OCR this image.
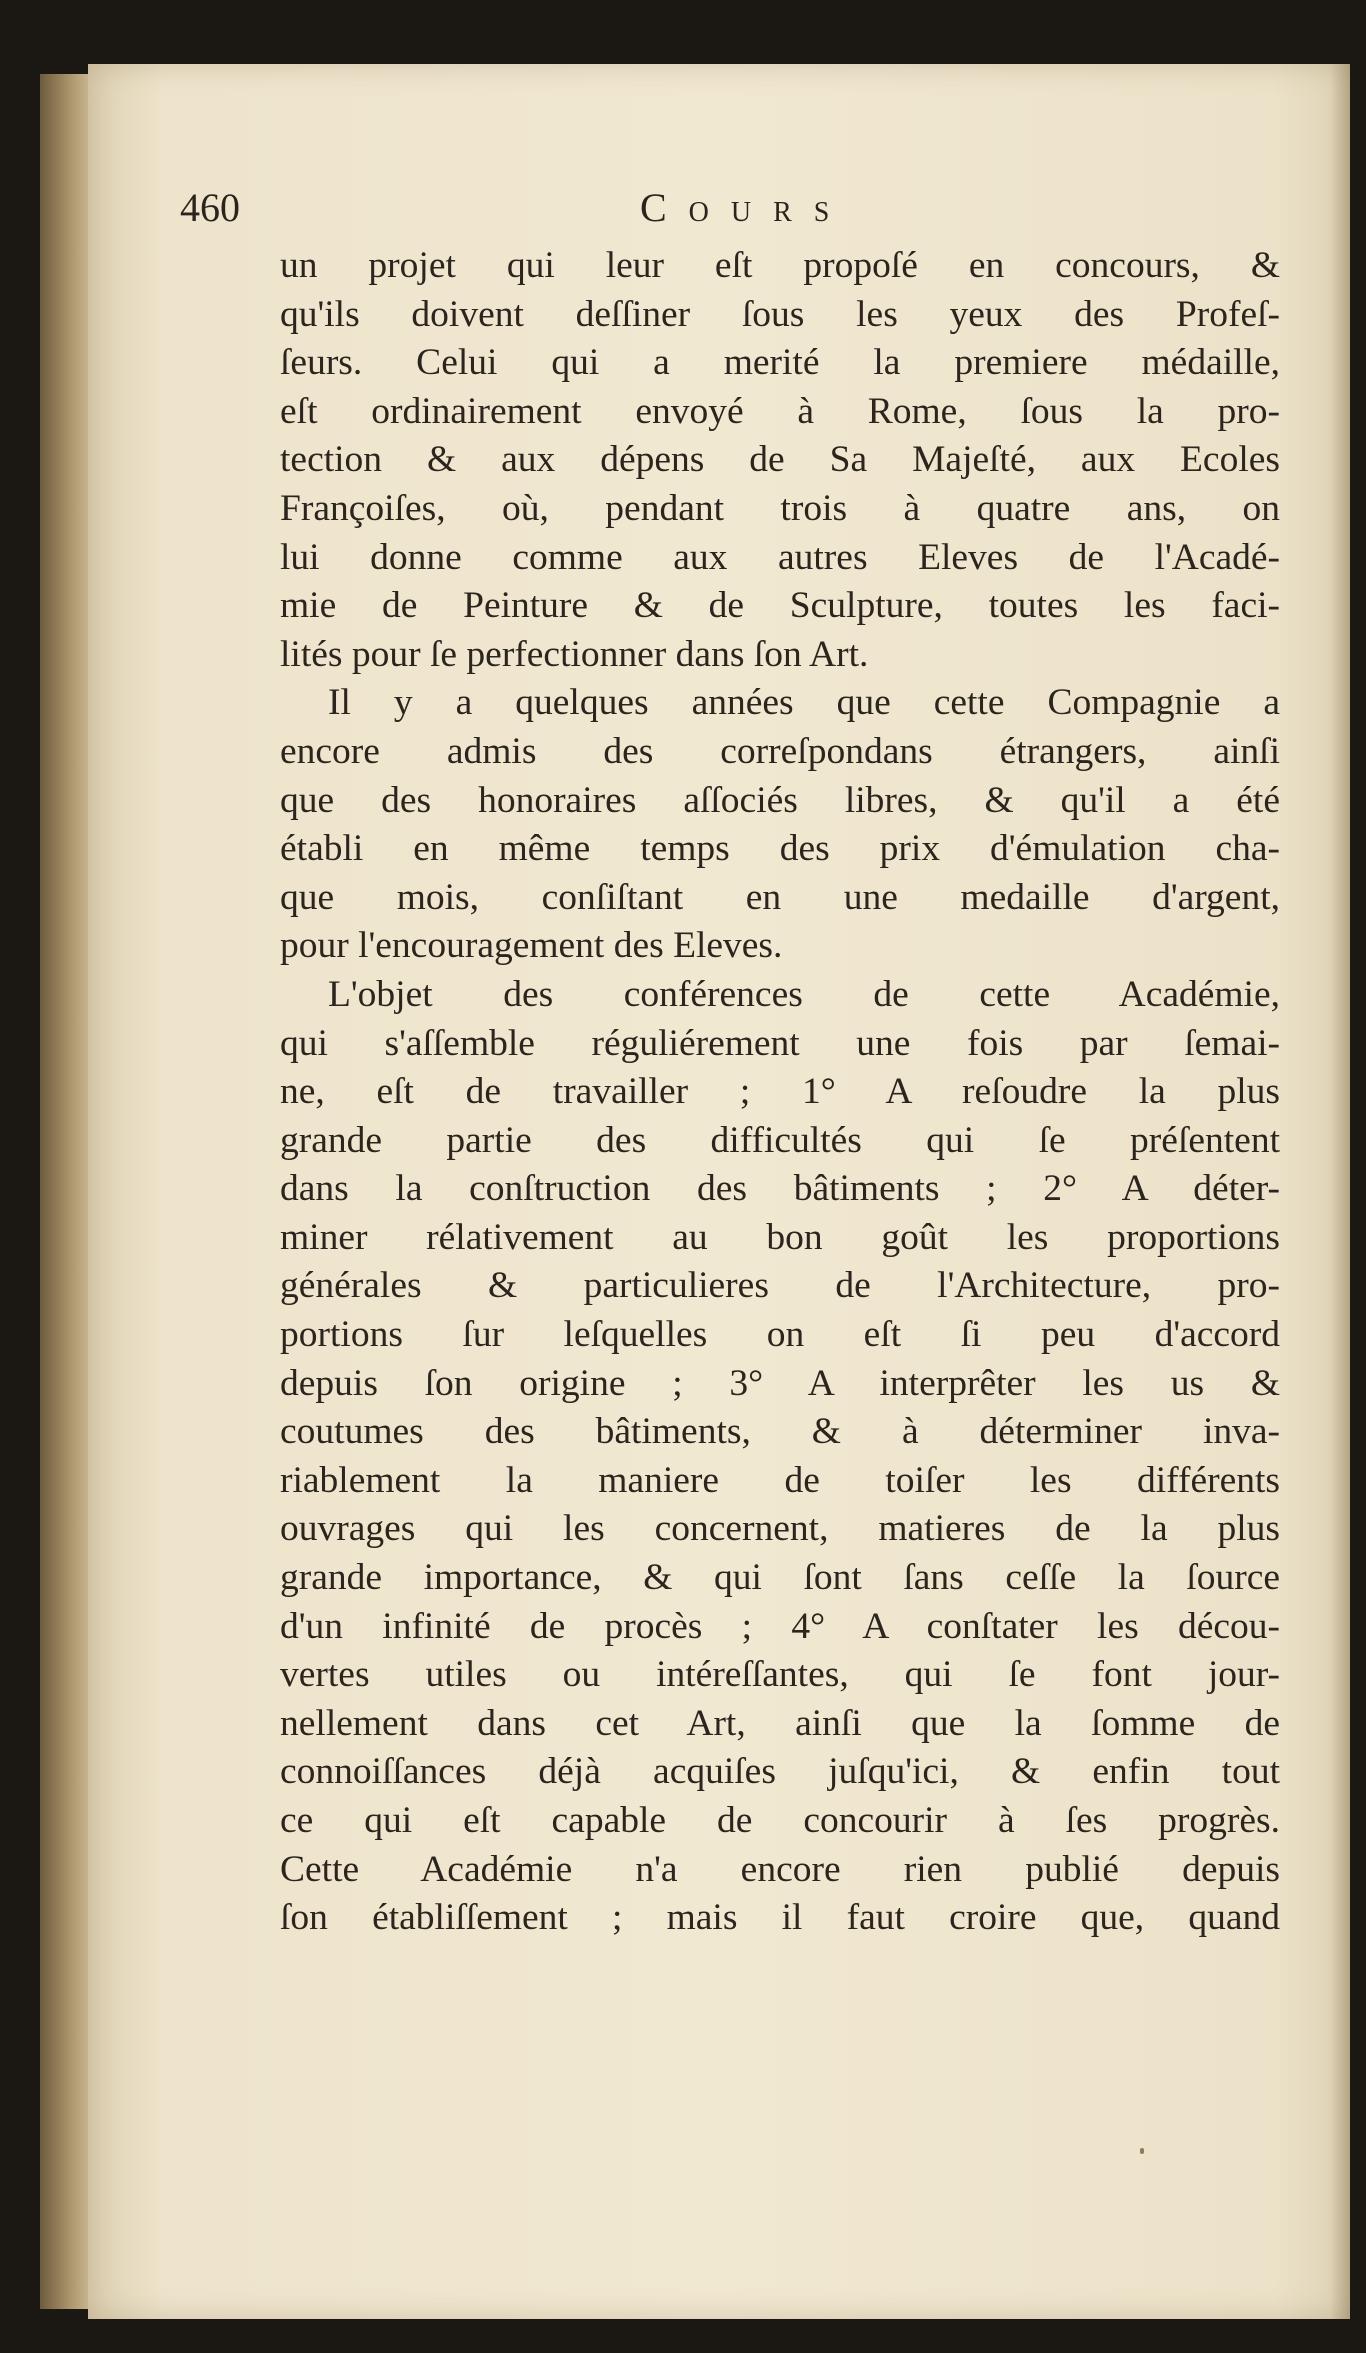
460	Cours
un projet qui leur eſt propoſé en concours, &
qu'ils doivent deſſiner ſous les yeux des Profeſ-
ſeurs. Celui qui a merité la premiere médaille,
eſt ordinairement envoyé à Rome, ſous la pro-
tection & aux dépens de Sa Majeſté, aux Ecoles
Françoiſes, où, pendant trois à quatre ans, on
lui donne comme aux autres Eleves de l'Acadé-
mie de Peinture & de Sculpture, toutes les faci-
lités pour ſe perfectionner dans ſon Art.
Il y a quelques années que cette Compagnie a
encore admis des correſpondans étrangers, ainſi
que des honoraires aſſociés libres, & qu'il a été
établi en même temps des prix d'émulation cha-
que mois, conſiſtant en une medaille d'argent,
pour l'encouragement des Eleves.
L'objet des conférences de cette Académie,
qui s'aſſemble réguliérement une fois par ſemai-
ne, eſt de travailler ; 1° A reſoudre la plus
grande partie des difficultés qui ſe préſentent
dans la conſtruction des bâtiments ; 2° A déter-
miner rélativement au bon goût les proportions
générales & particulieres de l'Architecture, pro-
portions ſur leſquelles on eſt ſi peu d'accord
depuis ſon origine ; 3° A interprêter les us &
coutumes des bâtiments, & à déterminer inva-
riablement la maniere de toiſer les différents
ouvrages qui les concernent, matieres de la plus
grande importance, & qui ſont ſans ceſſe la ſource
d'un infinité de procès ; 4° A conſtater les décou-
vertes utiles ou intéreſſantes, qui ſe font jour-
nellement dans cet Art, ainſi que la ſomme de
connoiſſances déjà acquiſes juſqu'ici, & enfin tout
ce qui eſt capable de concourir à ſes progrès.
Cette Académie n'a encore rien publié depuis
ſon établiſſement ; mais il faut croire que, quand
